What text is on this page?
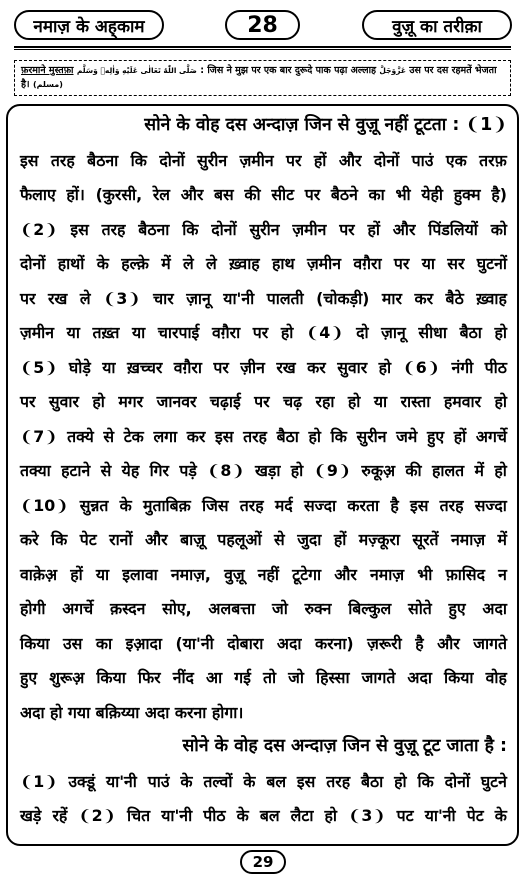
नमाज़ के अह्‌काम	28	वुज़ू का तरीक़ा
फ़रमाने मुस्तफ़ा صَلَّى اللّٰهُ تَعَالٰى عَلَيْهِ وَاٰلِهٖ وَسَلَّم : जिस ने मुझ पर एक बार दुरूदे पाक पढ़ा अल्लाह عَزَّوَجَلَّ उस पर दस रहमतें भेजता है। (مسلم)
सोने के वोह दस अन्दाज़ जिन से वुज़ू नहीं टूटता : ❨1❩
इस तरह बैठना कि दोनों सुरीन ज़मीन पर हों और दोनों पाउं एक तरफ़
फैलाए हों। (कुरसी, रेल और बस की सीट पर बैठने का भी येही हुक्म है)
❨2❩ इस तरह बैठना कि दोनों सुरीन ज़मीन पर हों और पिंडलियों को
दोनों हाथों के हल्क़े में ले ले ख़्वाह हाथ ज़मीन वग़ैरा पर या सर घुटनों
पर रख ले ❨3❩ चार ज़ानू या'नी पालती (चोकड़ी) मार कर बैठे ख़्वाह
ज़मीन या तख़्त या चारपाई वग़ैरा पर हो ❨4❩ दो ज़ानू सीधा बैठा हो
❨5❩ घोड़े या ख़च्चर वग़ैरा पर ज़ीन रख कर सुवार हो ❨6❩ नंगी पीठ
पर सुवार हो मगर जानवर चढ़ाई पर चढ़ रहा हो या रास्ता हमवार हो
❨7❩ तक्ये से टेक लगा कर इस तरह बैठा हो कि सुरीन जमे हुए हों अगर्चे
तक्या हटाने से येह गिर पड़े ❨8❩ खड़ा हो ❨9❩ रुकूअ़ की हालत में हो
❨10❩ सुन्नत के मुताबिक़ जिस तरह मर्द सज्दा करता है इस तरह सज्दा
करे कि पेट रानों और बाज़ू पहलूओं से जुदा हों मज़्कूरा सूरतें नमाज़ में
वाक़ेअ़ हों या इलावा नमाज़, वुज़ू नहीं टूटेगा और नमाज़ भी फ़ासिद न
होगी अगर्चे क़स्दन सोए, अलबत्ता जो रुक्न बिल्कुल सोते हुए अदा
किया उस का इआ़दा (या'नी दोबारा अदा करना) ज़रूरी है और जागते
हुए शुरूअ़ किया फिर नींद आ गई तो जो हिस्सा जागते अदा किया वोह
अदा हो गया बक़िय्या अदा करना होगा।
सोने के वोह दस अन्दाज़ जिन से वुज़ू टूट जाता है :
❨1❩ उक्डूं या'नी पाउं के तल्वों के बल इस तरह बैठा हो कि दोनों घुटने
खड़े रहें ❨2❩ चित या'नी पीठ के बल लैटा हो ❨3❩ पट या'नी पेट के
29
